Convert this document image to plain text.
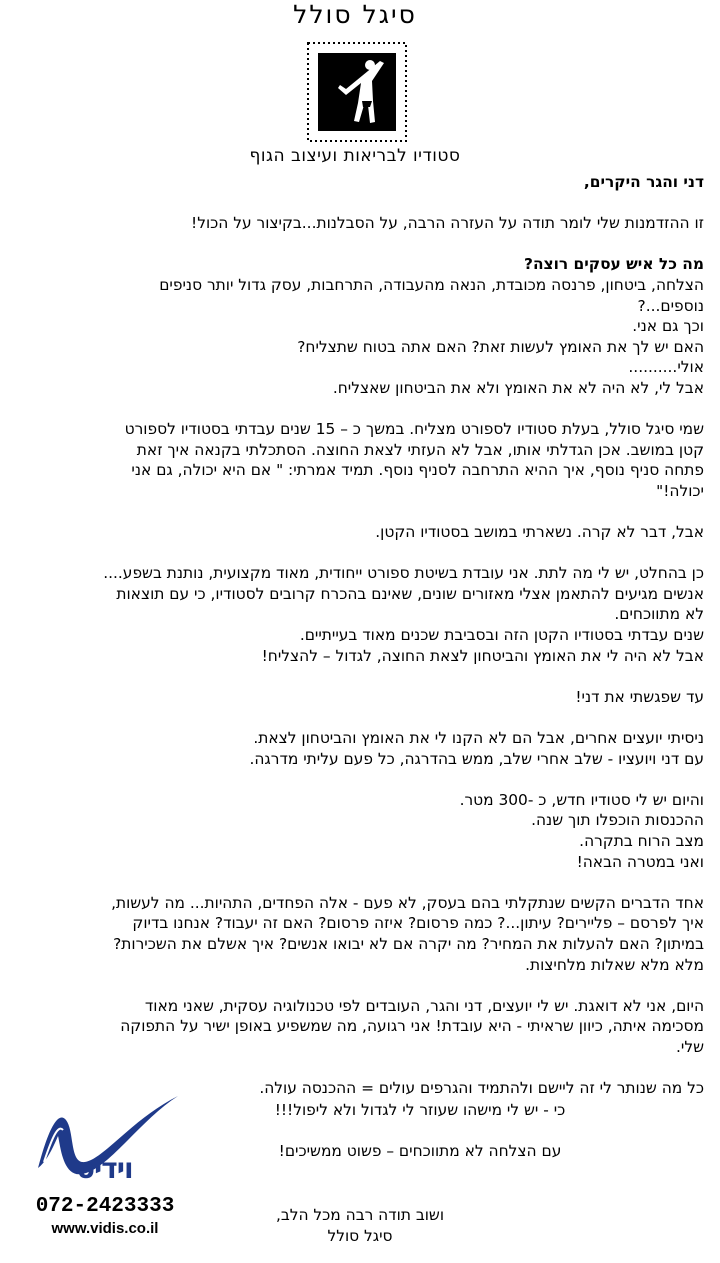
סיגל סולל
סטודיו לבריאות ועיצוב הגוף

דני והגר היקרים,

זו ההזדמנות שלי לומר תודה על העזרה הרבה, על הסבלנות...בקיצור על הכול!

מה כל איש עסקים רוצה?

הצלחה, ביטחון, פרנסה מכובדת, הנאה מהעבודה, התרחבות, עסק גדול יותר סניפים

נוספים...?

וכך גם אני.

האם יש לך את האומץ לעשות זאת? האם אתה בטוח שתצליח?

אולי..........

אבל לי, לא היה לא את האומץ ולא את הביטחון שאצליח.

שמי סיגל סולל, בעלת סטודיו לספורט מצליח. במשך כ – 15 שנים עבדתי בסטודיו לספורט

קטן במושב. אכן הגדלתי אותו, אבל לא העזתי לצאת החוצה. הסתכלתי בקנאה איך זאת

פתחה סניף נוסף, איך ההיא התרחבה לסניף נוסף. תמיד אמרתי: " אם היא יכולה, גם אני

יכולה!"

אבל, דבר לא קרה. נשארתי במושב בסטודיו הקטן.

כן בהחלט, יש לי מה לתת. אני עובדת בשיטת ספורט ייחודית, מאוד מקצועית, נותנת בשפע....

אנשים מגיעים להתאמן אצלי מאזורים שונים, שאינם בהכרח קרובים לסטודיו, כי עם תוצאות

לא מתווכחים.

שנים עבדתי בסטודיו הקטן הזה ובסביבת שכנים מאוד בעייתיים.

אבל לא היה לי את האומץ והביטחון לצאת החוצה, לגדול – להצליח!

עד שפגשתי את דני!

ניסיתי יועצים אחרים, אבל הם לא הקנו לי את האומץ והביטחון לצאת.

עם דני ויועציו - שלב אחרי שלב, ממש בהדרגה, כל פעם עליתי מדרגה.

והיום יש לי סטודיו חדש, כ -300 מטר.

ההכנסות הוכפלו תוך שנה.

מצב הרוח בתקרה.

ואני במטרה הבאה!

אחד הדברים הקשים שנתקלתי בהם בעסק, לא פעם - אלה הפחדים, התהיות... מה לעשות,

איך לפרסם – פליירים? עיתון...? כמה פרסום? איזה פרסום? האם זה יעבוד? אנחנו בדיוק

במיתון? האם להעלות את המחיר? מה יקרה אם לא יבואו אנשים? איך אשלם את השכירות?

מלא מלא שאלות מלחיצות.

היום, אני לא דואגת. יש לי יועצים, דני והגר, העובדים לפי טכנולוגיה עסקית, שאני מאוד

מסכימה איתה, כיוון שראיתי - היא עובדת! אני רגועה, מה שמשפיע באופן ישיר על התפוקה

שלי.

כל מה שנותר לי זה ליישם ולהתמיד והגרפים עולים = ההכנסה עולה.

כי - יש לי מישהו שעוזר לי לגדול ולא ליפול!!!

עם הצלחה לא מתווכחים – פשוט ממשיכים!

ושוב תודה רבה מכל הלב,

סיגל סולל

וידיס
072-2423333
www.vidis.co.il
